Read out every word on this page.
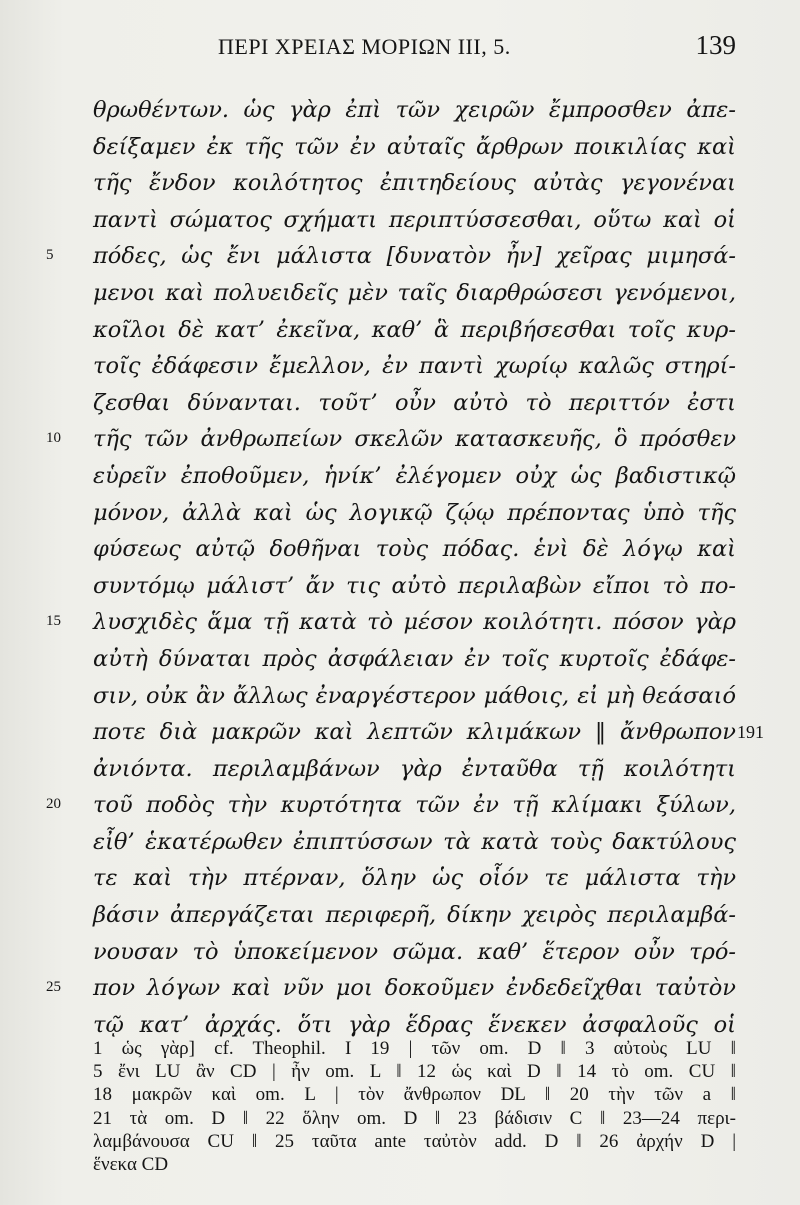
ΠΕΡΙ ΧΡΕΙΑΣ ΜΟΡΙΩΝ ΙΙΙ, 5.	139
θρωθέντων. ὡς γὰρ ἐπὶ τῶν χειρῶν ἔμπροσθεν ἀπε-
δείξαμεν ἐκ τῆς τῶν ἐν αὐταῖς ἄρθρων ποικιλίας καὶ
τῆς ἔνδον κοιλότητος ἐπιτηδείους αὐτὰς γεγονέναι
παντὶ σώματος σχήματι περιπτύσσεσθαι, οὕτω καὶ οἱ
5 πόδες, ὡς ἔνι μάλιστα [δυνατὸν ἦν] χεῖρας μιμησά-
μενοι καὶ πολυειδεῖς μὲν ταῖς διαρθρώσεσι γενόμενοι,
κοῖλοι δὲ κατ’ ἐκεῖνα, καθ’ ἃ περιβήσεσθαι τοῖς κυρ-
τοῖς ἐδάφεσιν ἔμελλον, ἐν παντὶ χωρίῳ καλῶς στηρί-
ζεσθαι δύνανται. τοῦτ’ οὖν αὐτὸ τὸ περιττόν ἐστι
10 τῆς τῶν ἀνθρωπείων σκελῶν κατασκευῆς, ὃ πρόσθεν
εὑρεῖν ἐποθοῦμεν, ἡνίκ’ ἐλέγομεν οὐχ ὡς βαδιστικῷ
μόνον, ἀλλὰ καὶ ὡς λογικῷ ζῴῳ πρέποντας ὑπὸ τῆς
φύσεως αὐτῷ δοθῆναι τοὺς πόδας. ἑνὶ δὲ λόγῳ καὶ
συντόμῳ μάλιστ’ ἄν τις αὐτὸ περιλαβὼν εἴποι τὸ πο-
15 λυσχιδὲς ἅμα τῇ κατὰ τὸ μέσον κοιλότητι. πόσον γὰρ
αὐτὴ δύναται πρὸς ἀσφάλειαν ἐν τοῖς κυρτοῖς ἐδάφε-
σιν, οὐκ ἂν ἄλλως ἐναργέστερον μάθοις, εἰ μὴ θεάσαιό
ποτε διὰ μακρῶν καὶ λεπτῶν κλιμάκων ‖ ἄνθρωπον 191
ἀνιόντα. περιλαμβάνων γὰρ ἐνταῦθα τῇ κοιλότητι
20 τοῦ ποδὸς τὴν κυρτότητα τῶν ἐν τῇ κλίμακι ξύλων,
εἶθ’ ἑκατέρωθεν ἐπιπτύσσων τὰ κατὰ τοὺς δακτύλους
τε καὶ τὴν πτέρναν, ὅλην ὡς οἷόν τε μάλιστα τὴν
βάσιν ἀπεργάζεται περιφερῆ, δίκην χειρὸς περιλαμβά-
νουσαν τὸ ὑποκείμενον σῶμα. καθ’ ἕτερον οὖν τρό-
25 πον λόγων καὶ νῦν μοι δοκοῦμεν ἐνδεδεῖχθαι ταὐτὸν
τῷ κατ’ ἀρχάς. ὅτι γὰρ ἕδρας ἕνεκεν ἀσφαλοῦς οἱ
1 ὡς γὰρ] cf. Theophil. I 19 | τῶν om. D ‖ 3 αὐτοὺς LU ‖
5 ἔνι LU ἂν CD | ἦν om. L ‖ 12 ὡς καὶ D ‖ 14 τὸ om. CU ‖
18 μακρῶν καὶ om. L | τὸν ἄνθρωπον DL ‖ 20 τὴν τῶν a ‖
21 τὰ om. D ‖ 22 ὅλην om. D ‖ 23 βάδισιν C ‖ 23—24 περι-
λαμβάνουσα CU ‖ 25 ταῦτα ante ταὐτὸν add. D ‖ 26 ἀρχήν D |
ἕνεκα CD
